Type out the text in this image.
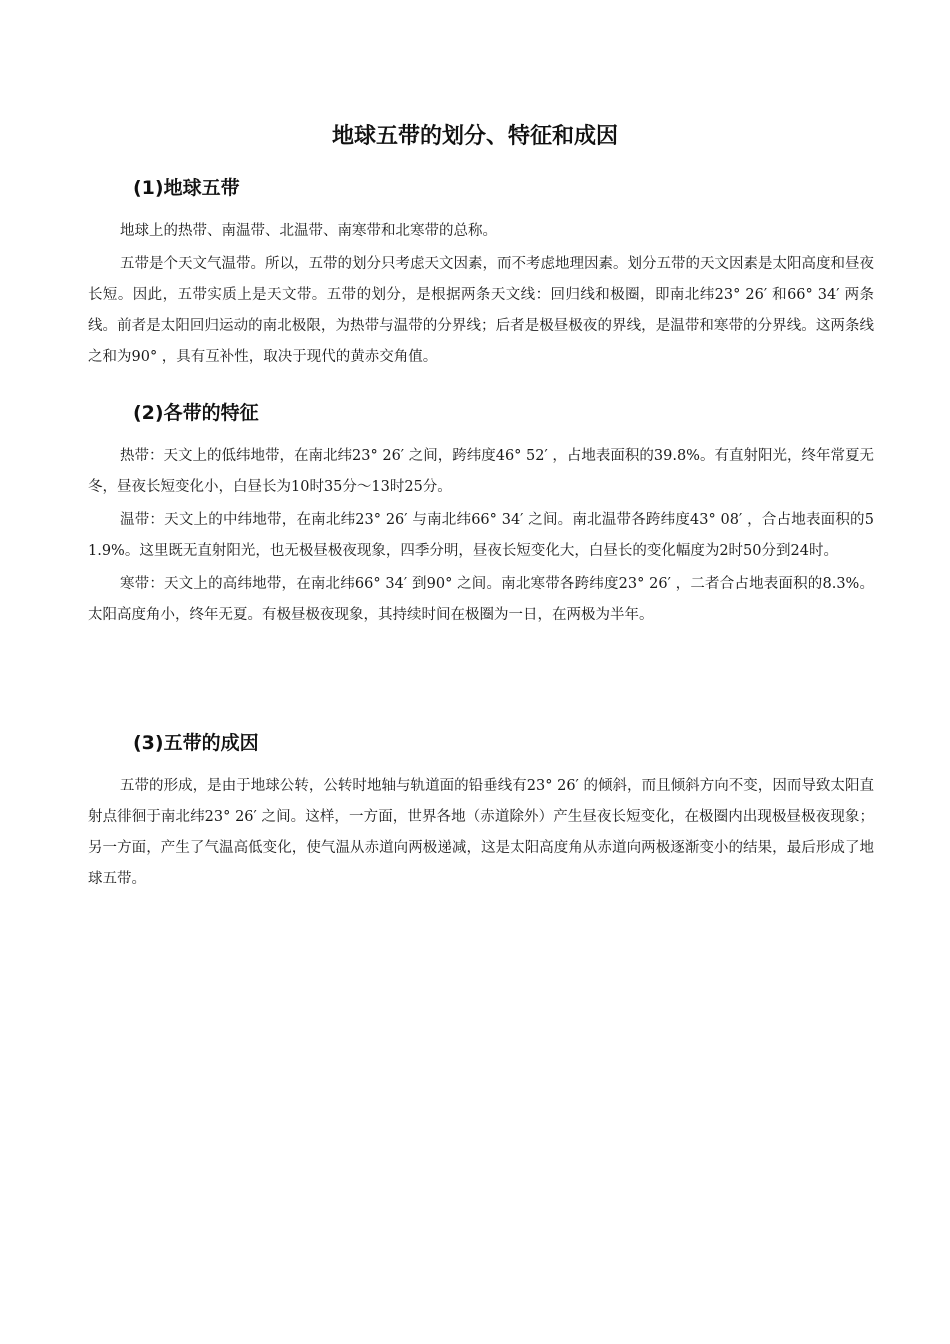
地球五带的划分、特征和成因
(1)地球五带

地球上的热带、南温带、北温带、南寒带和北寒带的总称。

五带是个天文气温带。所以，五带的划分只考虑天文因素，而不考虑地理因素。划分五带的天文因素是太阳高度和昼夜长短。因此，五带实质上是天文带。五带的划分，是根据两条天文线：回归线和极圈，即南北纬23° 26′ 和66° 34′ 两条线。前者是太阳回归运动的南北极限，为热带与温带的分界线；后者是极昼极夜的界线，是温带和寒带的分界线。这两条线之和为90° ，具有互补性，取决于现代的黄赤交角值。

(2)各带的特征

热带：天文上的低纬地带，在南北纬23° 26′ 之间，跨纬度46° 52′ ，占地表面积的39.8%。有直射阳光，终年常夏无冬，昼夜长短变化小，白昼长为10时35分～13时25分。

温带：天文上的中纬地带，在南北纬23° 26′ 与南北纬66° 34′ 之间。南北温带各跨纬度43° 08′ ，合占地表面积的51.9%。这里既无直射阳光，也无极昼极夜现象，四季分明，昼夜长短变化大，白昼长的变化幅度为2时50分到24时。

寒带：天文上的高纬地带，在南北纬66° 34′ 到90° 之间。南北寒带各跨纬度23° 26′ ，二者合占地表面积的8.3%。太阳高度角小，终年无夏。有极昼极夜现象，其持续时间在极圈为一日，在两极为半年。

(3)五带的成因

五带的形成，是由于地球公转，公转时地轴与轨道面的铅垂线有23° 26′ 的倾斜，而且倾斜方向不变，因而导致太阳直射点徘徊于南北纬23° 26′ 之间。这样，一方面，世界各地（赤道除外）产生昼夜长短变化，在极圈内出现极昼极夜现象；另一方面，产生了气温高低变化，使气温从赤道向两极递减，这是太阳高度角从赤道向两极逐渐变小的结果，最后形成了地球五带。
